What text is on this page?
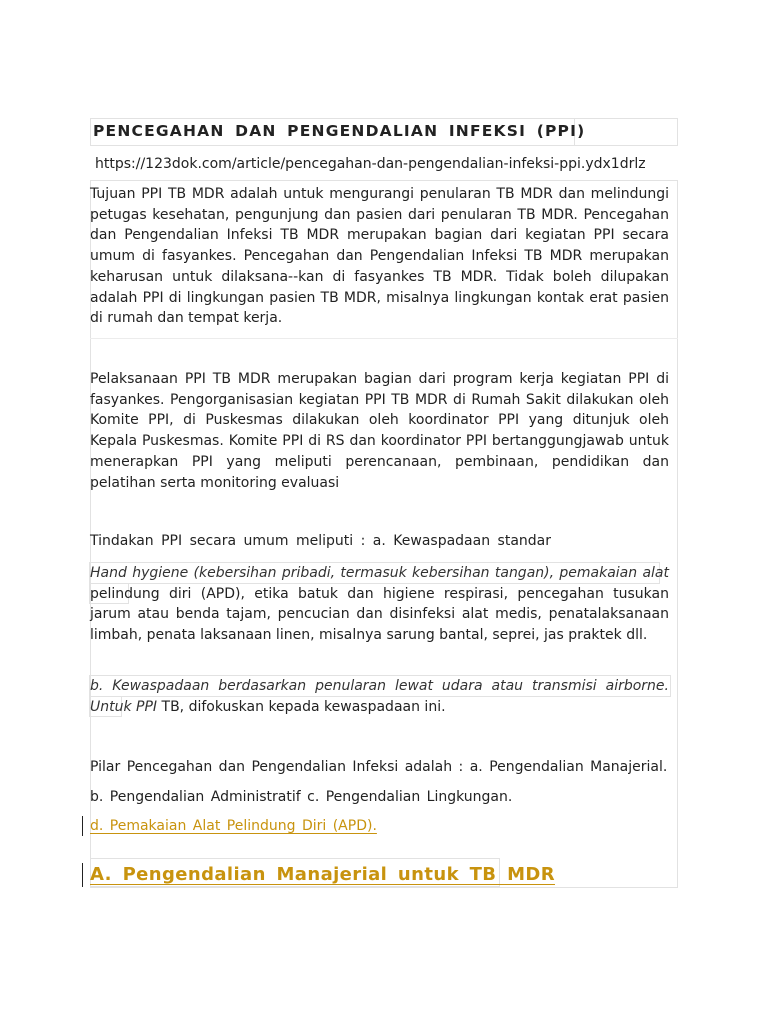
PENCEGAHAN DAN PENGENDALIAN INFEKSI (PPI)
https://123dok.com/article/pencegahan-dan-pengendalian-infeksi-ppi.ydx1drlz

Tujuan PPI TB MDR adalah untuk mengurangi penularan TB MDR dan melindungi petugas kesehatan, pengunjung dan pasien dari penularan TB MDR. Pencegahan dan Pengendalian Infeksi TB MDR merupakan bagian dari kegiatan PPI secara umum di fasyankes. Pencegahan dan Pengendalian Infeksi TB MDR merupakan keharusan untuk dilaksana--kan di fasyankes TB MDR. Tidak boleh dilupakan adalah PPI di lingkungan pasien TB MDR, misalnya lingkungan kontak erat pasien di rumah dan tempat kerja.

Pelaksanaan PPI TB MDR merupakan bagian dari program kerja kegiatan PPI di fasyankes. Pengorganisasian kegiatan PPI TB MDR di Rumah Sakit dilakukan oleh Komite PPI, di Puskesmas dilakukan oleh koordinator PPI yang ditunjuk oleh Kepala Puskesmas. Komite PPI di RS dan koordinator PPI bertanggungjawab untuk menerapkan PPI yang meliputi perencanaan, pembinaan, pendidikan dan pelatihan serta monitoring evaluasi

Tindakan PPI secara umum meliputi : a. Kewaspadaan standar

Hand hygiene (kebersihan pribadi, termasuk kebersihan tangan), pemakaian alat pelindung diri (APD), etika batuk dan higiene respirasi, pencegahan tusukan jarum atau benda tajam, pencucian dan disinfeksi alat medis, penatalaksanaan limbah, penata laksanaan linen, misalnya sarung bantal, seprei, jas praktek dll.

b. Kewaspadaan berdasarkan penularan lewat udara atau transmisi airborne. Untuk PPI TB, difokuskan kepada kewaspadaan ini.

Pilar Pencegahan dan Pengendalian Infeksi adalah : a. Pengendalian Manajerial.
b. Pengendalian Administratif c. Pengendalian Lingkungan.
d. Pemakaian Alat Pelindung Diri (APD).
A. Pengendalian Manajerial untuk TB MDR
